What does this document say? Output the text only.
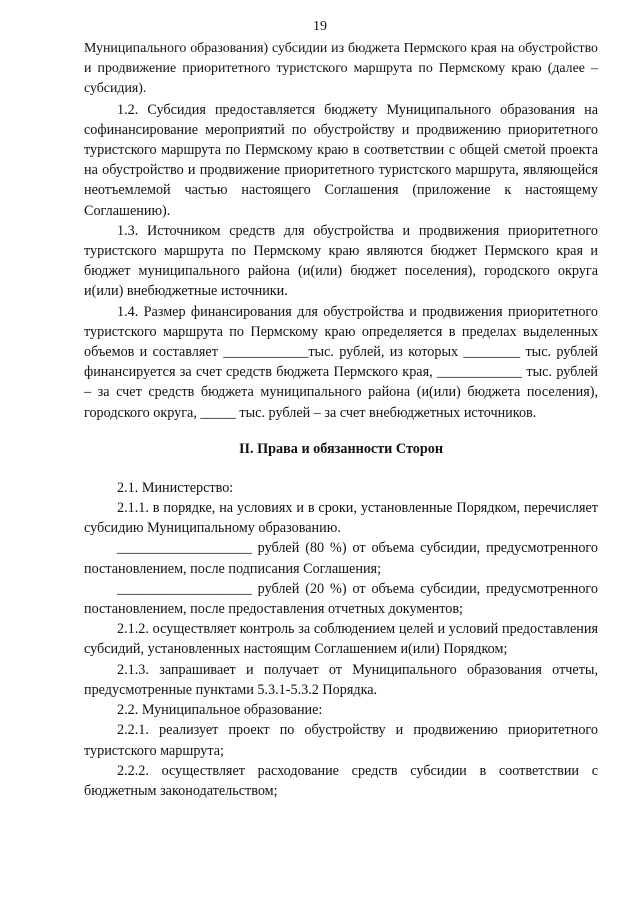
19

Муниципального образования) субсидии из бюджета Пермского края на обустройство и продвижение приоритетного туристского маршрута по Пермскому краю (далее – субсидия).

1.2. Субсидия предоставляется бюджету Муниципального образования на софинансирование мероприятий по обустройству и продвижению приоритетного туристского маршрута по Пермскому краю в соответствии с общей сметой проекта на обустройство и продвижение приоритетного туристского маршрута, являющейся неотъемлемой частью настоящего Соглашения (приложение к настоящему Соглашению).

1.3. Источником средств для обустройства и продвижения приоритетного туристского маршрута по Пермскому краю являются бюджет Пермского края и бюджет муниципального района (и(или) бюджет поселения), городского округа и(или) внебюджетные источники.

1.4. Размер финансирования для обустройства и продвижения приоритетного туристского маршрута по Пермскому краю определяется в пределах выделенных объемов и составляет ____________тыс. рублей, из которых ________ тыс. рублей финансируется за счет средств бюджета Пермского края, ____________ тыс. рублей – за счет средств бюджета муниципального района (и(или) бюджета поселения), городского округа, _____ тыс. рублей – за счет внебюджетных источников.

II. Права и обязанности Сторон

2.1. Министерство:

2.1.1. в порядке, на условиях и в сроки, установленные Порядком, перечисляет субсидию Муниципальному образованию.

___________________ рублей (80 %) от объема субсидии, предусмотренного постановлением, после подписания Соглашения;

___________________ рублей (20 %) от объема субсидии, предусмотренного постановлением, после предоставления отчетных документов;

2.1.2. осуществляет контроль за соблюдением целей и условий предоставления субсидий, установленных настоящим Соглашением и(или) Порядком;

2.1.3. запрашивает и получает от Муниципального образования отчеты, предусмотренные пунктами 5.3.1-5.3.2 Порядка.

2.2. Муниципальное образование:

2.2.1. реализует проект по обустройству и продвижению приоритетного туристского маршрута;

2.2.2. осуществляет расходование средств субсидии в соответствии с бюджетным законодательством;
